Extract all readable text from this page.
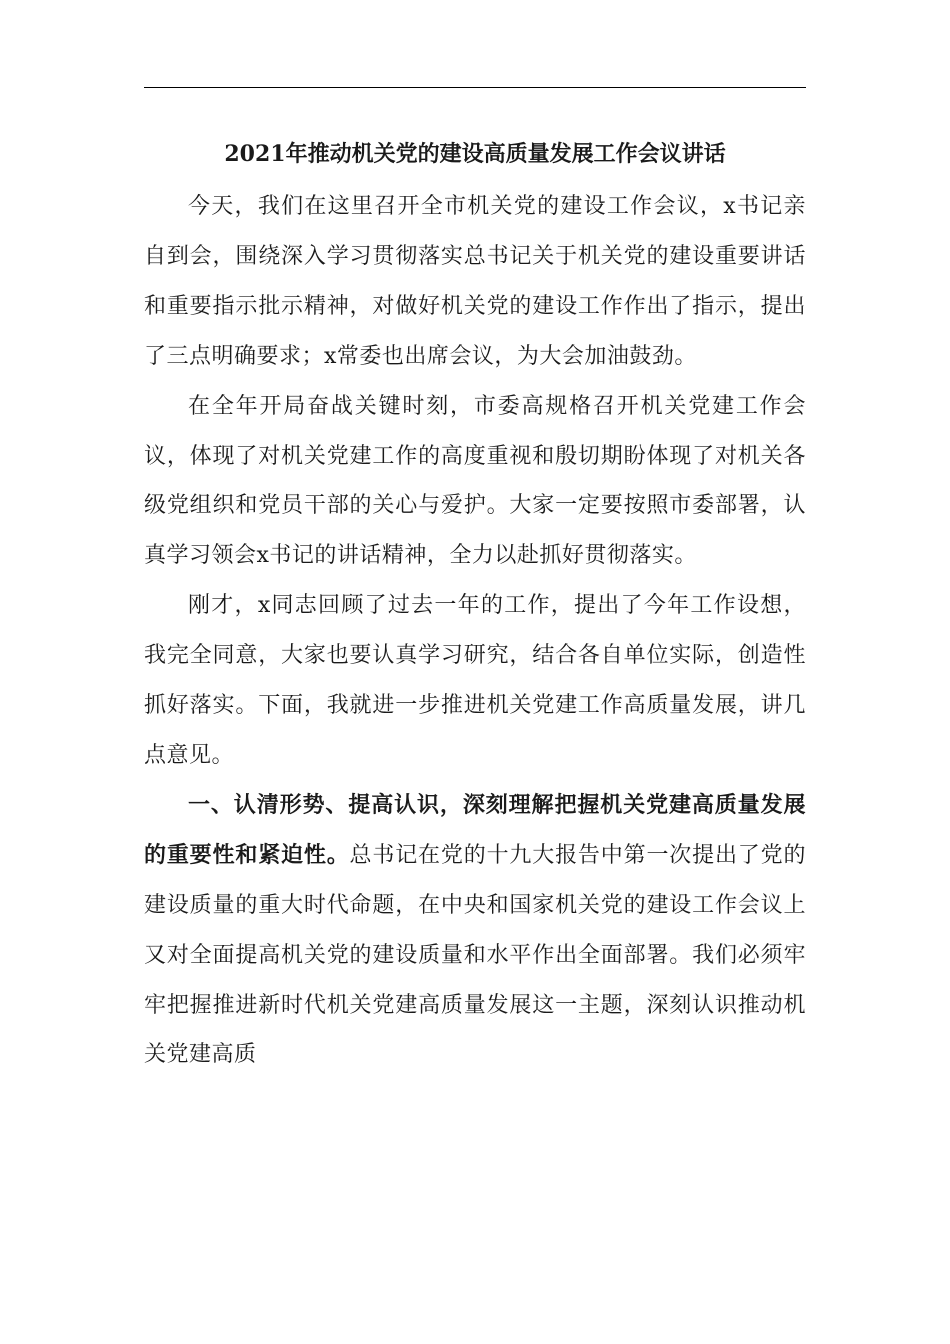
2021年推动机关党的建设高质量发展工作会议讲话

今天，我们在这里召开全市机关党的建设工作会议，x书记亲自到会，围绕深入学习贯彻落实总书记关于机关党的建设重要讲话和重要指示批示精神，对做好机关党的建设工作作出了指示，提出了三点明确要求；x常委也出席会议，为大会加油鼓劲。

在全年开局奋战关键时刻，市委高规格召开机关党建工作会议，体现了对机关党建工作的高度重视和殷切期盼体现了对机关各级党组织和党员干部的关心与爱护。大家一定要按照市委部署，认真学习领会x书记的讲话精神，全力以赴抓好贯彻落实。

刚才，x同志回顾了过去一年的工作，提出了今年工作设想，我完全同意，大家也要认真学习研究，结合各自单位实际，创造性抓好落实。下面，我就进一步推进机关党建工作高质量发展，讲几点意见。

一、认清形势、提高认识，深刻理解把握机关党建高质量发展的重要性和紧迫性。总书记在党的十九大报告中第一次提出了党的建设质量的重大时代命题，在中央和国家机关党的建设工作会议上又对全面提高机关党的建设质量和水平作出全面部署。我们必须牢牢把握推进新时代机关党建高质量发展这一主题，深刻认识推动机关党建高质
